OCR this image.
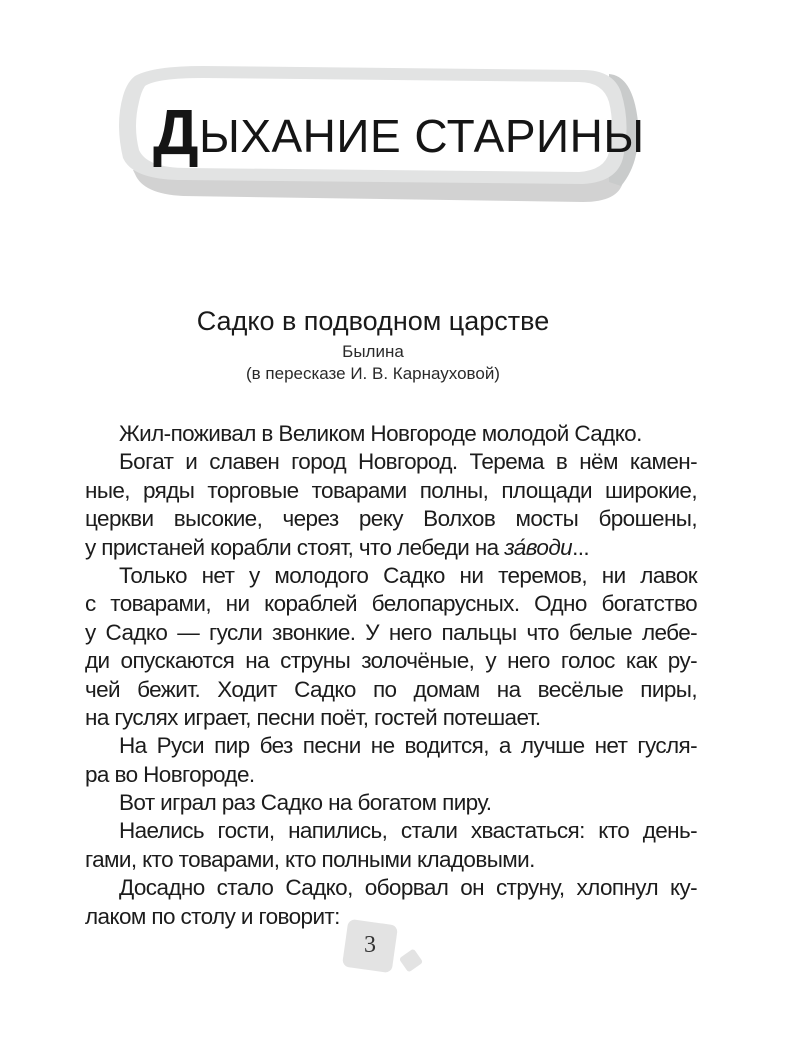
ДЫХАНИЕ СТАРИНЫ
Садко в подводном царстве
Былина
(в пересказе И. В. Карнауховой)
Жил-поживал в Великом Новгороде молодой Садко.
Богат и славен город Новгород. Терема в нём камен-
ные, ряды торговые товарами полны, площади широкие,
церкви высокие, через реку Волхов мосты брошены,
у пристаней корабли стоят, что лебеди на за́води...
Только нет у молодого Садко ни теремов, ни лавок
с товарами, ни кораблей белопарусных. Одно богатство
у Садко — гусли звонкие. У него пальцы что белые лебе-
ди опускаются на струны золочёные, у него голос как ру-
чей бежит. Ходит Садко по домам на весёлые пиры,
на гуслях играет, песни поёт, гостей потешает.
На Руси пир без песни не водится, а лучше нет гусля-
ра во Новгороде.
Вот играл раз Садко на богатом пиру.
Наелись гости, напились, стали хвастаться: кто день-
гами, кто товарами, кто полными кладовыми.
Досадно стало Садко, оборвал он струну, хлопнул ку-
лаком по столу и говорит:
3
